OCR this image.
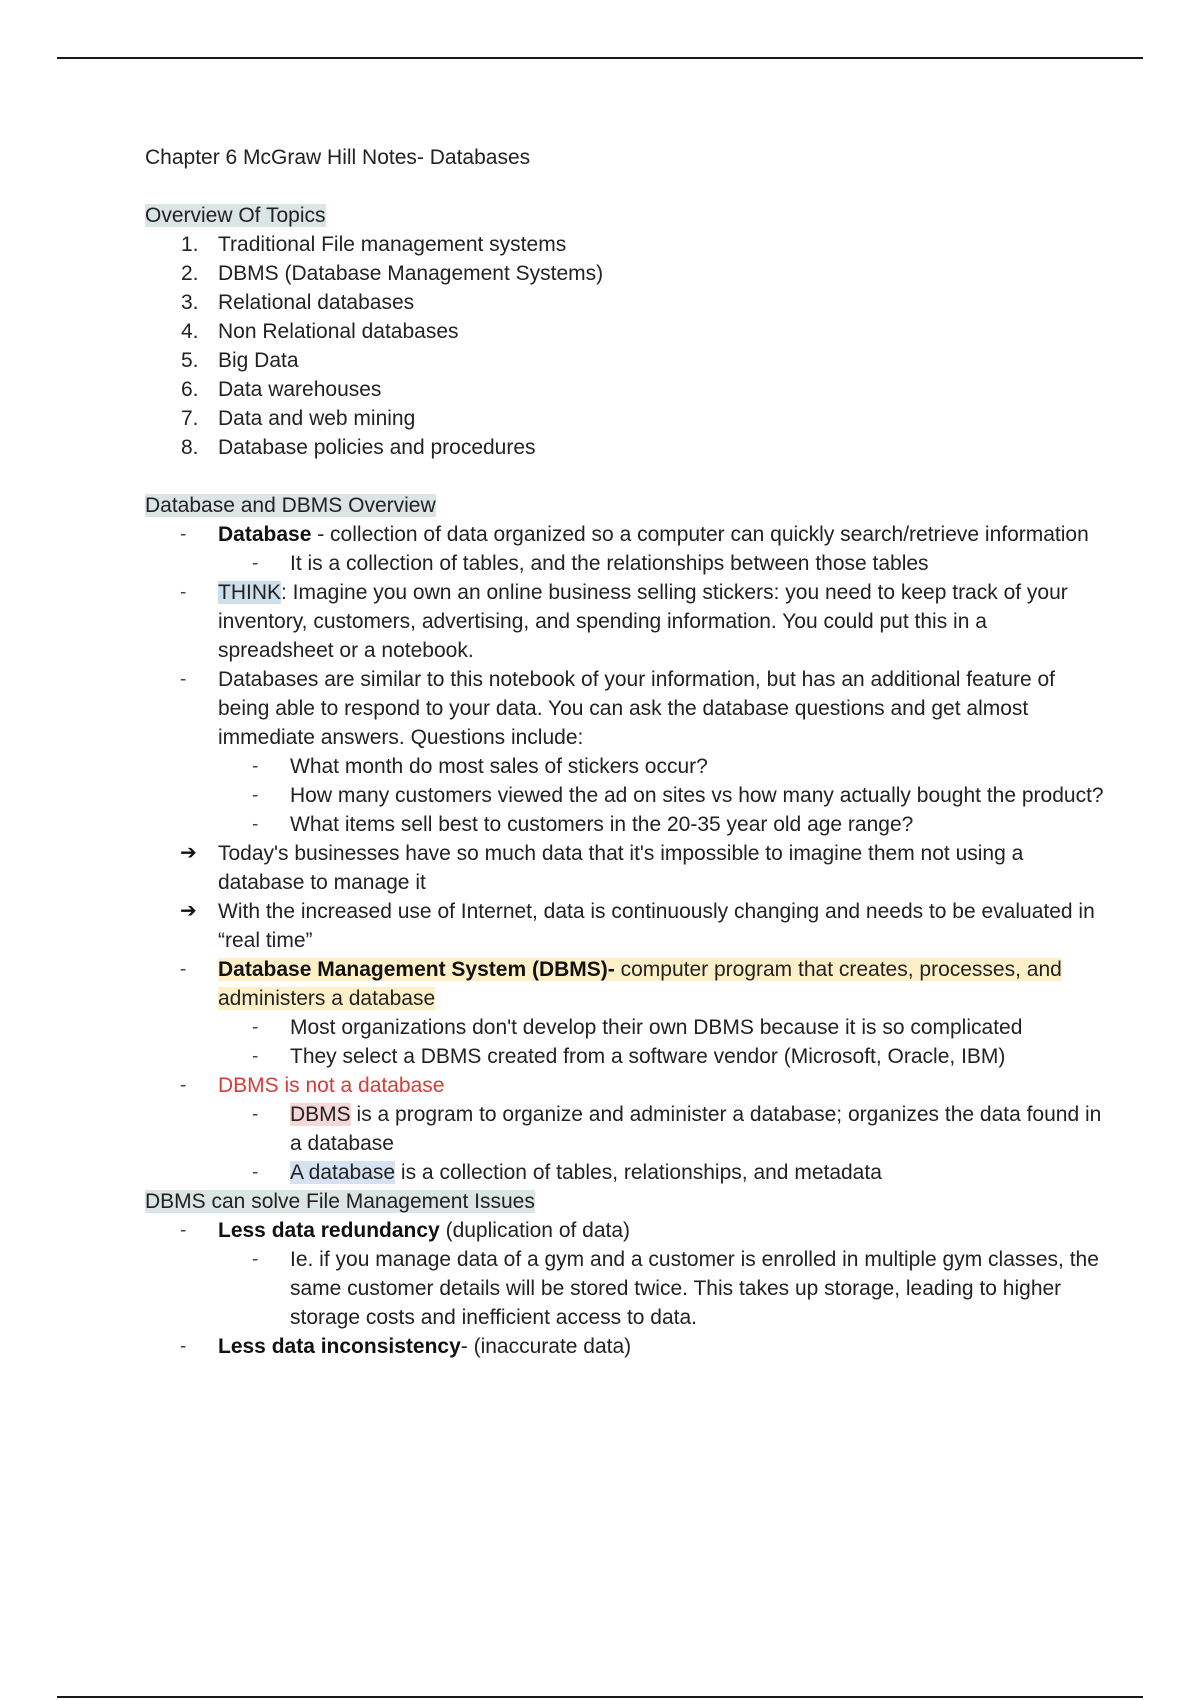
Chapter 6 McGraw Hill Notes- Databases
Overview Of Topics
1. Traditional File management systems
2. DBMS (Database Management Systems)
3. Relational databases
4. Non Relational databases
5. Big Data
6. Data warehouses
7. Data and web mining
8. Database policies and procedures
Database and DBMS Overview
-	Database - collection of data organized so a computer can quickly search/retrieve information
-	It is a collection of tables, and the relationships between those tables
-	THINK: Imagine you own an online business selling stickers: you need to keep track of your inventory, customers, advertising, and spending information. You could put this in a spreadsheet or a notebook.
-	Databases are similar to this notebook of your information, but has an additional feature of being able to respond to your data. You can ask the database questions and get almost immediate answers. Questions include:
-	What month do most sales of stickers occur?
-	How many customers viewed the ad on sites vs how many actually bought the product?
-	What items sell best to customers in the 20-35 year old age range?
➔	Today's businesses have so much data that it's impossible to imagine them not using a database to manage it
➔	With the increased use of Internet, data is continuously changing and needs to be evaluated in “real time”
-	Database Management System (DBMS)- computer program that creates, processes, and administers a database
-	Most organizations don't develop their own DBMS because it is so complicated
-	They select a DBMS created from a software vendor (Microsoft, Oracle, IBM)
-	DBMS is not a database
-	DBMS is a program to organize and administer a database; organizes the data found in a database
-	A database is a collection of tables, relationships, and metadata
DBMS can solve File Management Issues
-	Less data redundancy (duplication of data)
-	Ie. if you manage data of a gym and a customer is enrolled in multiple gym classes, the same customer details will be stored twice. This takes up storage, leading to higher storage costs and inefficient access to data.
-	Less data inconsistency- (inaccurate data)
